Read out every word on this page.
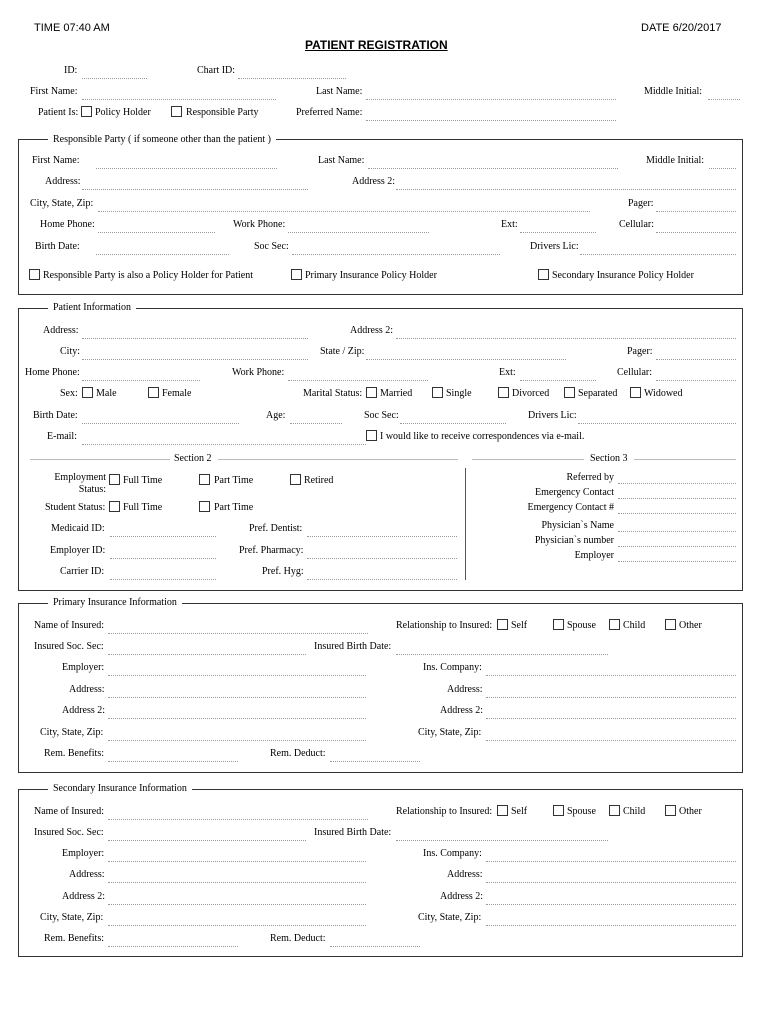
TIME 07:40 AM	DATE 6/20/2017
PATIENT REGISTRATION
ID:	Chart ID:
First Name:	Last Name:	Middle Initial:
Patient Is: Policy Holder	Responsible Party	Preferred Name:
Responsible Party ( if someone other than the patient )
First Name:	Last Name:	Middle Initial:
Address:	Address 2:
City, State, Zip:	Pager:
Home Phone:	Work Phone:	Ext:	Cellular:
Birth Date:	Soc Sec:	Drivers Lic:
Responsible Party is also a Policy Holder for Patient	Primary Insurance Policy Holder	Secondary Insurance Policy Holder
Patient Information
Address:	Address 2:
City:	State / Zip:	Pager:
Home Phone:	Work Phone:	Ext:	Cellular:
Sex: Male	Female	Marital Status: Married	Single	Divorced	Separated	Widowed
Birth Date:	Age:	Soc Sec:	Drivers Lic:
E-mail:	I would like to receive correspondences via e-mail.
Section 2	Section 3
Employment
Status:
Full Time	Part Time	Retired
Student Status: Full Time	Part Time
Medicaid ID:	Pref. Dentist:
Employer ID:	Pref. Pharmacy:
Carrier ID:	Pref. Hyg:
Referred by
Emergency Contact
Emergency Contact #
Physician`s Name
Physician`s number
Employer
Primary Insurance Information
Name of Insured:	Relationship to Insured: Self	Spouse	Child	Other
Insured Soc. Sec:	Insured Birth Date:
Employer:	Ins. Company:
Address:	Address:
Address 2:	Address 2:
City, State, Zip:	City, State, Zip:
Rem. Benefits:	Rem. Deduct:
Secondary Insurance Information
Name of Insured:	Relationship to Insured: Self	Spouse	Child	Other
Insured Soc. Sec:	Insured Birth Date:
Employer:	Ins. Company:
Address:	Address:
Address 2:	Address 2:
City, State, Zip:	City, State, Zip:
Rem. Benefits:	Rem. Deduct:
